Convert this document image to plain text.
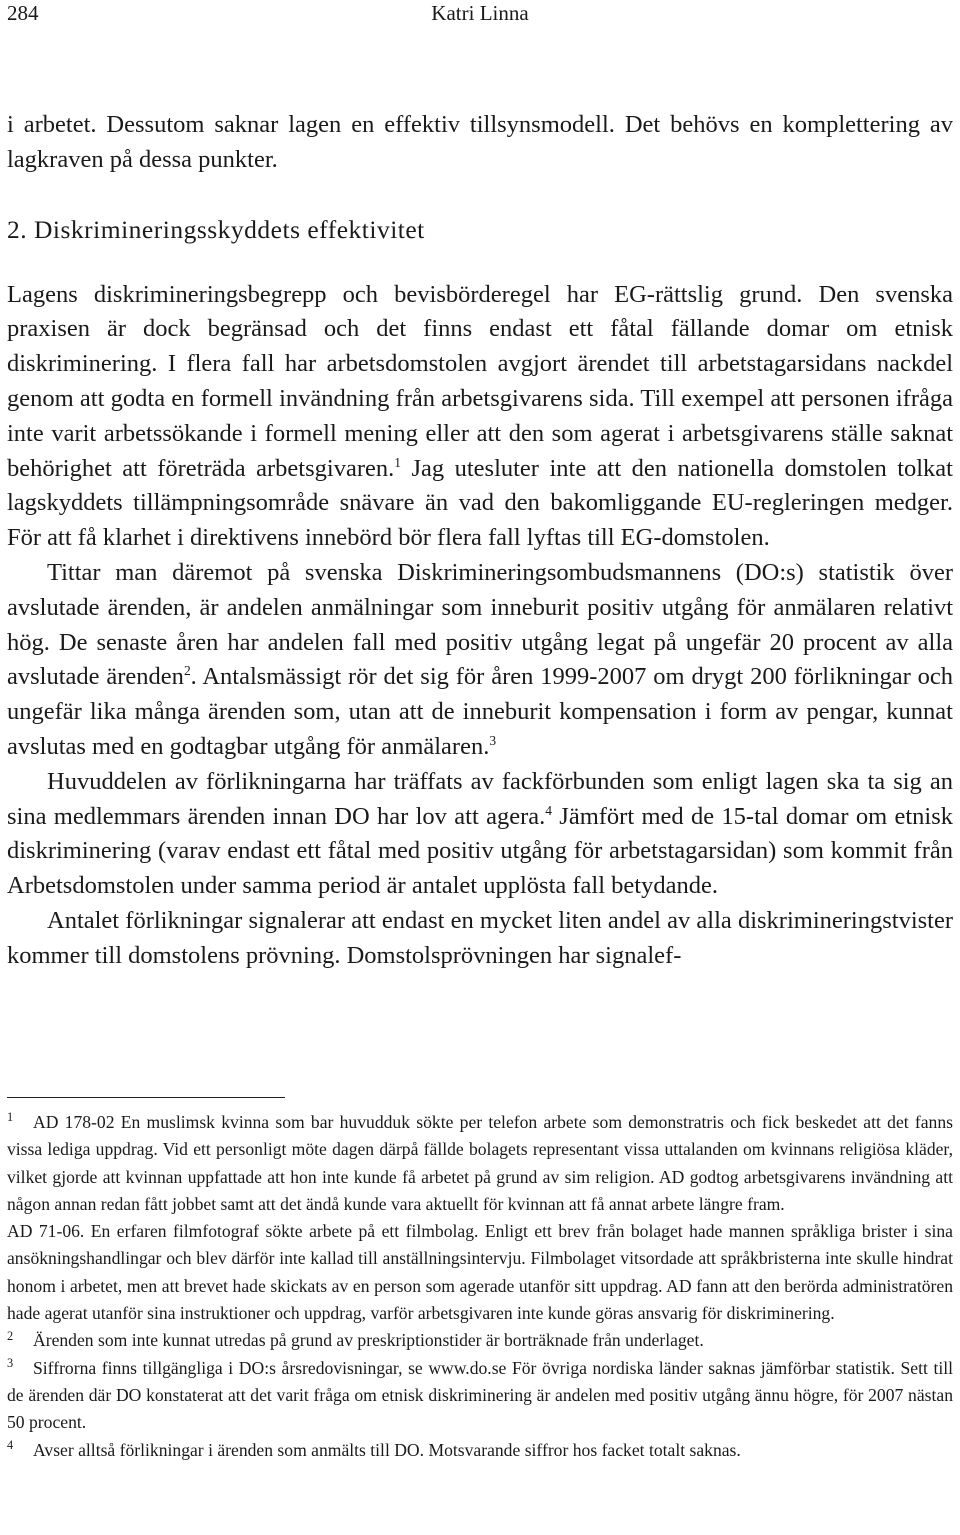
284	Katri Linna

i arbetet. Dessutom saknar lagen en effektiv tillsynsmodell. Det behövs en komplettering av lagkraven på dessa punkter.

2. Diskrimineringsskyddets effektivitet

Lagens diskrimineringsbegrepp och bevisbörderegel har EG-rättslig grund. Den svenska praxisen är dock begränsad och det finns endast ett fåtal fällande domar om etnisk diskriminering. I flera fall har arbetsdomstolen avgjort ärendet till arbetstagarsidans nackdel genom att godta en formell invändning från arbetsgivarens sida. Till exempel att personen ifråga inte varit arbetssökande i formell mening eller att den som agerat i arbetsgivarens ställe saknat behörighet att företräda arbetsgivaren.$^1$ Jag utesluter inte att den nationella domstolen tolkat lagskyddets tillämpningsområde snävare än vad den bakomliggande EU-regleringen medger. För att få klarhet i direktivens innebörd bör flera fall lyftas till EG-domstolen.

Tittar man däremot på svenska Diskrimineringsombudsmannens (DO:s) statistik över avslutade ärenden, är andelen anmälningar som inneburit positiv utgång för anmälaren relativt hög. De senaste åren har andelen fall med positiv utgång legat på ungefär 20 procent av alla avslutade ärenden$^2$. Antalsmässigt rör det sig för åren 1999-2007 om drygt 200 förlikningar och ungefär lika många ärenden som, utan att de inneburit kompensation i form av pengar, kunnat avslutas med en godtagbar utgång för anmälaren.$^3$

Huvuddelen av förlikningarna har träffats av fackförbunden som enligt lagen ska ta sig an sina medlemmars ärenden innan DO har lov att agera.$^4$ Jämfört med de 15-tal domar om etnisk diskriminering (varav endast ett fåtal med positiv utgång för arbetstagarsidan) som kommit från Arbetsdomstolen under samma period är antalet upplösta fall betydande.

Antalet förlikningar signalerar att endast en mycket liten andel av alla diskrimineringstvister kommer till domstolens prövning. Domstolsprövningen har signalef-

1 AD 178-02 En muslimsk kvinna som bar huvudduk sökte per telefon arbete som demonstratris och fick beskedet att det fanns vissa lediga uppdrag. Vid ett personligt möte dagen därpå fällde bolagets representant vissa uttalanden om kvinnans religiösa kläder, vilket gjorde att kvinnan uppfattade att hon inte kunde få arbetet på grund av sim religion. AD godtog arbetsgivarens invändning att någon annan redan fått jobbet samt att det ändå kunde vara aktuellt för kvinnan att få annat arbete längre fram.

AD 71-06. En erfaren filmfotograf sökte arbete på ett filmbolag. Enligt ett brev från bolaget hade mannen språkliga brister i sina ansökningshandlingar och blev därför inte kallad till anställningsintervju. Filmbolaget vitsordade att språkbristerna inte skulle hindrat honom i arbetet, men att brevet hade skickats av en person som agerade utanför sitt uppdrag. AD fann att den berörda administratören hade agerat utanför sina instruktioner och uppdrag, varför arbetsgivaren inte kunde göras ansvarig för diskriminering.

2 Ärenden som inte kunnat utredas på grund av preskriptionstider är borträknade från underlaget.

3 Siffrorna finns tillgängliga i DO:s årsredovisningar, se www.do.se För övriga nordiska länder saknas jämförbar statistik. Sett till de ärenden där DO konstaterat att det varit fråga om etnisk diskriminering är andelen med positiv utgång ännu högre, för 2007 nästan 50 procent.

4 Avser alltså förlikningar i ärenden som anmälts till DO. Motsvarande siffror hos facket totalt saknas.
